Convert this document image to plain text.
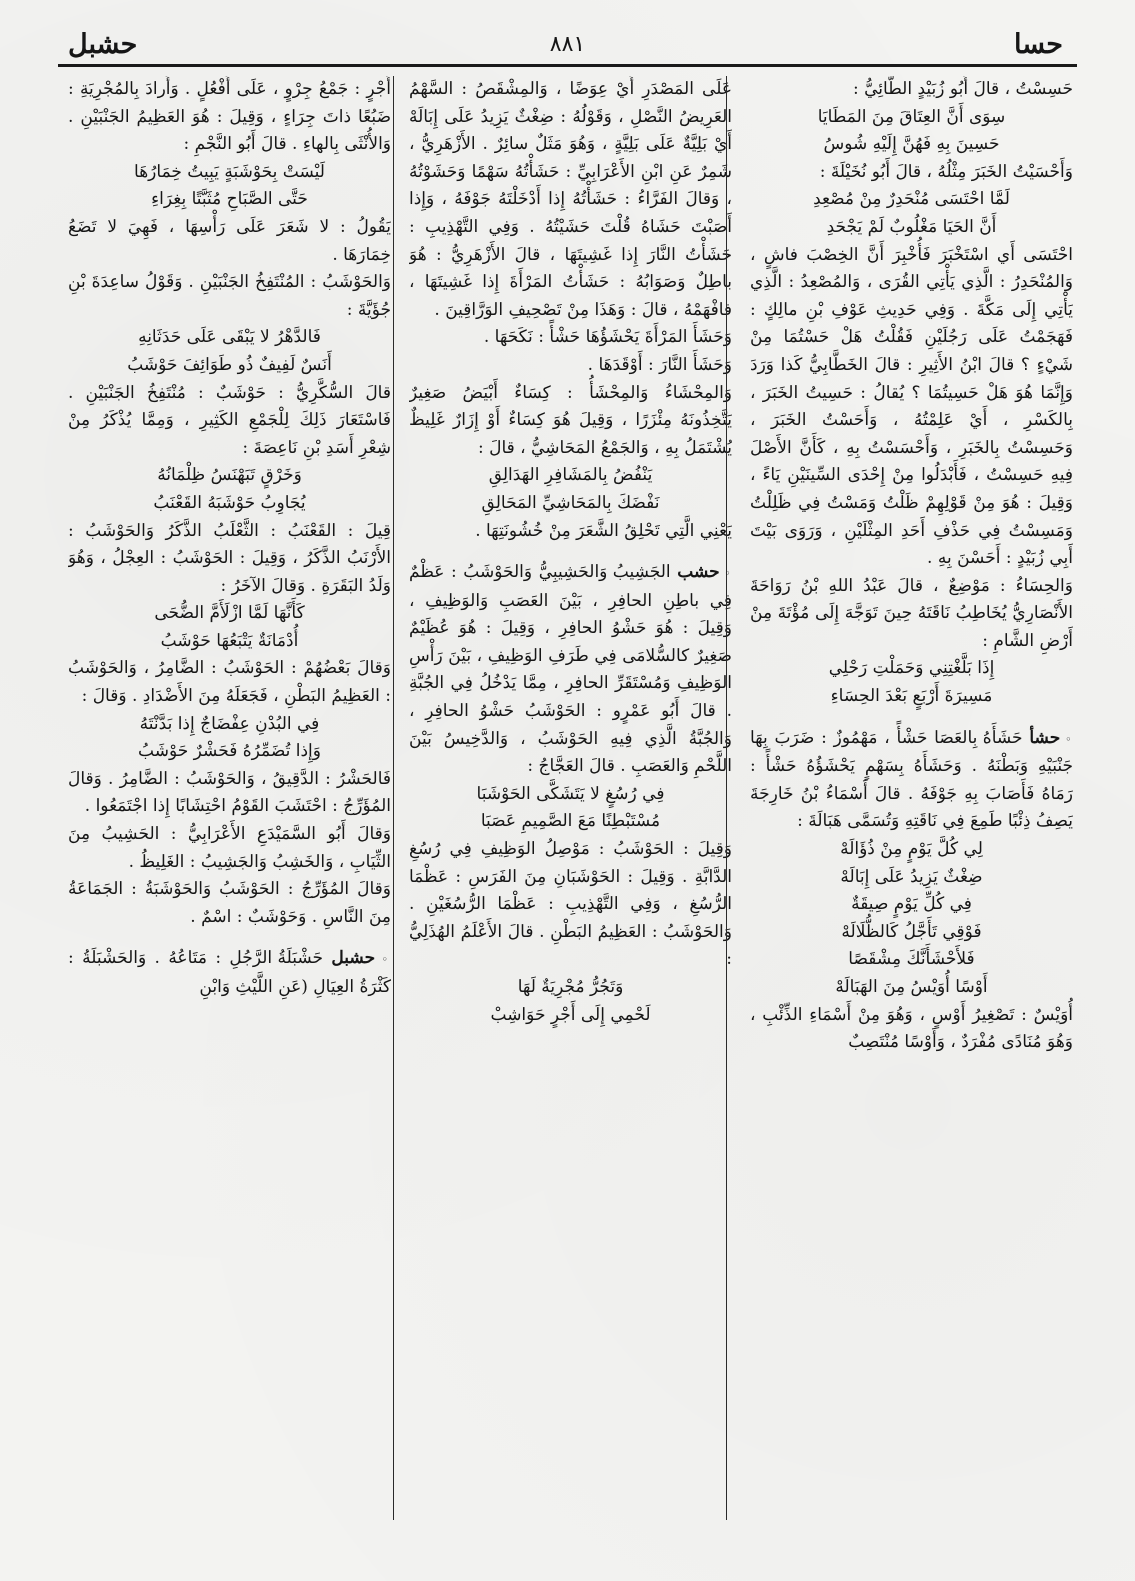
حسا
٨٨١
حشبل

حَسِسْتُ ، قالَ أَبُو زُبَيْدٍ الطَّائِيُّ :

سِوَى أَنَّ العِتَاقَ مِنَ المَطَايَا

حَسِينَ بِهِ فَهُنَّ إِلَيْهِ شُوسُ

وَأَحْسَيْتُ الخَبَرَ مِثْلُهُ ، قالَ أَبُو نُخَيْلَةَ :

لَمَّا احْتَسَى مُنْحَدِرٌ مِنْ مُصْعِدِ

أَنَّ الحَيَا مَغْلُوبٌ لَمْ يَجْحَدِ

احْتَسَى أَي اسْتَخْبَرَ فَأُخْبِرَ أَنَّ الخِصْبَ فاشٍ ، وَالمُنْحَدِرُ : الَّذِي يَأْتِي القُرَى ، وَالمُصْعِدُ : الَّذِي يَأْتِي إِلَى مَكَّةَ . وَفِي حَدِيثِ عَوْفِ بْنِ مالِكٍ : فَهَجَمْتُ عَلَى رَجُلَيْنِ فَقُلْتُ هَلْ حَسْتُمَا مِنْ شَيْءٍ ؟ قالَ ابْنُ الأَثِيرِ : قالَ الخَطَّابِيُّ كَذا وَرَدَ وَإِنَّمَا هُوَ هَلْ حَسِيتُمَا ؟ يُقالُ : حَسِيتُ الخَبَرَ ، بِالكَسْرِ ، أَيْ عَلِمْتُهُ ، وَأَحَسْتُ الخَبَرَ ، وَحَسِسْتُ بِالخَبَرِ ، وَأَحْسَسْتُ بِهِ ، كَأَنَّ الأَصْلَ فِيهِ حَسِسْتُ ، فَأَبْدَلُوا مِنْ إِحْدَى السِّينَيْنِ يَاءً ، وَقِيلَ : هُوَ مِنْ قَوْلِهِمْ ظَلْتُ وَمَسْتُ فِي ظَلِلْتُ وَمَسِسْتُ فِي حَذْفِ أَحَدِ المِثْلَيْنِ ، وَرَوَى بَيْتَ أَبِي زُبَيْدٍ : أَحَسْنَ بِهِ .

وَالحِسَاءُ : مَوْضِعٌ ، قالَ عَبْدُ اللهِ بْنُ رَوَاحَةَ الأَنْصَارِيُّ يُخَاطِبُ نَاقَتَهُ حِينَ تَوَجَّهَ إِلَى مُؤْتَةَ مِنْ أَرْضِ الشَّامِ :

إِذَا بَلَّغْتِنِي وَحَمَلْتِ رَحْلِي

مَسِيرَةَ أَرْبَعٍ بَعْدَ الحِسَاءِ

◦ حشأ حَشَأَهُ بِالعَصَا حَشْأً ، مَهْمُوزٌ : ضَرَبَ بِهَا جَنْبَيْهِ وَبَطْنَهُ . وَحَشَأَهُ بِسَهْمٍ يَحْشَؤُهُ حَشْأً : رَمَاهُ فَأَصَابَ بِهِ جَوْفَهُ . قالَ أَسْمَاءُ بْنُ خَارِجَةَ يَصِفُ ذِئْبًا طَمِعَ فِي نَاقَتِهِ وَتُسَمَّى هَبَالَةَ :

لِي كُلَّ يَوْمٍ مِنْ ذُؤَالَهْ

ضِغْثٌ يَزِيدُ عَلَى إِبَالَهْ

فِي كُلِّ يَوْمٍ صِيقَةٌ

فَوْقِي تَأَجَّلُ كَالظُّلَالَهْ

فَلأَحْشَأَنَّكَ مِشْقَصًا

أَوْسًا أُوَيْسُ مِنَ الهَبَالَهْ

أُوَيْسٌ : تَصْغِيرُ أَوْسٍ ، وَهُوَ مِنْ أَسْمَاءِ الذِّئْبِ ، وَهُوَ مُنَادًى مُفْرَدٌ ، وَأَوْسًا مُنْتَصِبٌ

عَلَى المَصْدَرِ أَيْ عِوَضًا ، وَالمِشْقَصُ : السَّهْمُ العَرِيضُ النَّصْلِ ، وَقَوْلُهُ : ضِغْثٌ يَزِيدُ عَلَى إِبَالَهْ أَيْ بَلِيَّةٌ عَلَى بَلِيَّةٍ ، وَهُوَ مَثَلٌ سائِرٌ . الأَزْهَرِيُّ ، شَمِرٌ عَنِ ابْنِ الأَعْرَابِيِّ : حَشَأْتُهُ سَهْمًا وَحَشَوْتُهُ ، وَقالَ الفَرَّاءُ : حَشَأْتُهُ إِذا أَدْخَلْتَهُ جَوْفَهُ ، وَإِذا أَصَبْتَ حَشَاهُ قُلْتَ حَشَيْتُهُ . وَفِي التَّهْذِيبِ : حَشَأْتُ النَّارَ إِذا غَشِيتَهَا ، قالَ الأَزْهَرِيُّ : هُوَ باطِلٌ وَصَوَابُهُ : حَشَأْتُ المَرْأَةَ إِذا غَشِيتَهَا ، فافْهَمْهُ ، قالَ : وَهَذَا مِنْ تَصْحِيفِ الوَرَّاقِينَ .

وَحَشَأَ المَرْأَةَ يَحْشَؤُهَا حَشْأً : نَكَحَهَا .

وَحَشَأَ النَّارَ : أَوْقَدَهَا .

وَالمِحْشَاءُ وَالمِحْشَأُ : كِسَاءٌ أَبْيَضُ صَغِيرٌ يَتَّخِذُونَهُ مِئْزَرًا ، وَقِيلَ هُوَ كِسَاءٌ أَوْ إِزَارٌ غَلِيظٌ يُشْتَمَلُ بِهِ ، وَالجَمْعُ المَحَاشِيُّ ، قالَ :

يَنْفُضُ بِالمَشَافِرِ الهَدَالِقِ

نَفْضَكَ بِالمَحَاشِيِّ المَحَالِقِ

يَعْنِي الَّتِي تَحْلِقُ الشَّعَرَ مِنْ خُشُونَتِهَا .

◦ حشب الجَشِيبُ وَالحَشِيبِيُّ وَالحَوْشَبُ : عَظْمٌ فِي باطِنِ الحافِرِ ، بَيْنَ العَصَبِ وَالوَظِيفِ ، وَقِيلَ : هُوَ حَشْوُ الحافِرِ ، وَقِيلَ : هُوَ عُظَيْمٌ صَغِيرٌ كالسُّلامَى فِي طَرَفِ الوَظِيفِ ، بَيْنَ رَأْسِ الوَظِيفِ وَمُسْتَقَرِّ الحافِرِ ، مِمَّا يَدْخُلُ فِي الجُبَّةِ . قالَ أَبُو عَمْرٍو : الحَوْشَبُ حَشْوُ الحافِرِ ، وَالجُبَّةُ الَّذِي فِيهِ الحَوْشَبُ ، وَالدَّخِيسُ بَيْنَ اللَّحْمِ وَالعَصَبِ . قالَ العَجَّاجُ :

فِي رُسُغٍ لا يَتَشَكَّى الحَوْشَبَا

مُسْتَبْطِنًا مَعَ الصَّمِيمِ عَصَبَا

وَقِيلَ : الحَوْشَبُ : مَوْصِلُ الوَظِيفِ فِي رُسُغِ الدَّابَّةِ . وَقِيلَ : الحَوْشَبَانِ مِنَ الفَرَسِ : عَظْمَا الرُّسُغِ ، وَفِي التَّهْذِيبِ : عَظْمَا الرُّسُغَيْنِ . وَالحَوْشَبُ : العَظِيمُ البَطْنِ . قالَ الأَعْلَمُ الهُذَلِيُّ :

وَتَجُرُّ مُجْرِيَةٌ لَهَا

لَحْمِي إِلَى أَجْرٍ حَوَاشِبْ

أَجْرٍ : جَمْعُ جِرْوٍ ، عَلَى أَفْعُلٍ . وَأَرادَ بِالمُجْرِيَةِ : ضَبُعًا ذاتَ جِرَاءٍ ، وَقِيلَ : هُوَ العَظِيمُ الجَنْبَيْنِ . وَالأُنْثَى بِالهاءِ . قالَ أَبُو النَّجْمِ :

لَيْسَتْ بِحَوْشَبَةٍ يَبِيتُ خِمَارُهَا

حَتَّى الصَّبَاحِ مُثَبَّتًا بِغِرَاءِ

يَقُولُ : لا شَعَرَ عَلَى رَأْسِهَا ، فَهِيَ لا تَضَعُ خِمَارَهَا .

وَالحَوْشَبُ : المُنْتَفِخُ الجَنْبَيْنِ . وَقَوْلُ ساعِدَةَ بْنِ جُؤَيَّةَ :

فَالدَّهْرُ لا يَبْقَى عَلَى حَدَثَانِهِ

أَنَسٌ لَفِيفٌ ذُو طَوَائِفَ حَوْشَبُ

قالَ السُّكَّرِيُّ : حَوْشَبٌ : مُنْتَفِخُ الجَنْبَيْنِ . فَاسْتَعَارَ ذَلِكَ لِلْجَمْعِ الكَثِيرِ ، وَمِمَّا يُذْكَرُ مِنْ شِعْرِ أَسَدِ بْنِ نَاعِصَةَ :

وَخَرْقٍ تَبَهْنَسُ ظِلْمَانُهُ

يُجَاوِبُ حَوْشَبَهُ القَعْنَبُ

قِيلَ : القَعْنَبُ : الثَّعْلَبُ الذَّكَرُ وَالحَوْشَبُ : الأَرْنَبُ الذَّكَرُ ، وَقِيلَ : الحَوْشَبُ : العِجْلُ ، وَهُوَ وَلَدُ البَقَرَةِ . وَقالَ الآخَرُ :

كَأَنَّهَا لَمَّا ازْلَأَمَّ الضُّحَى

أُدْمَانَةٌ يَتْبَعُهَا حَوْشَبُ

وَقالَ بَعْضُهُمْ : الحَوْشَبُ : الضَّامِرُ ، وَالحَوْشَبُ : العَظِيمُ البَطْنِ ، فَجَعَلَهُ مِنَ الأَضْدَادِ . وَقالَ :

فِي البُدْنِ عِفْضَاجٌ إِذا بَدَّنْتَهُ

وَإِذا تُضَمِّرُهُ فَحَشْرٌ حَوْشَبُ

فَالحَشْرُ : الدَّقِيقُ ، وَالحَوْشَبُ : الضَّامِرُ . وَقالَ المُؤَرِّجُ : احْتَشَبَ القَوْمُ احْتِشَابًا إِذا اجْتَمَعُوا .

وَقالَ أَبُو السَّمَيْدَعِ الأَعْرَابِيُّ : الحَشِيبُ مِنَ الثِّيَابِ ، وَالخَشِبُ وَالجَشِيبُ : الغَلِيظُ .

وَقالَ المُؤَرِّجُ : الحَوْشَبُ وَالحَوْشَبَةُ : الجَمَاعَةُ مِنَ النَّاسِ . وَحَوْشَبٌ : اسْمٌ .

◦ حشبل حَشْبَلَةُ الرَّجُلِ : مَتَاعُهُ . وَالحَشْبَلَةُ : كَثْرَةُ العِيَالِ (عَنِ اللَّيْثِ وَابْنِ
